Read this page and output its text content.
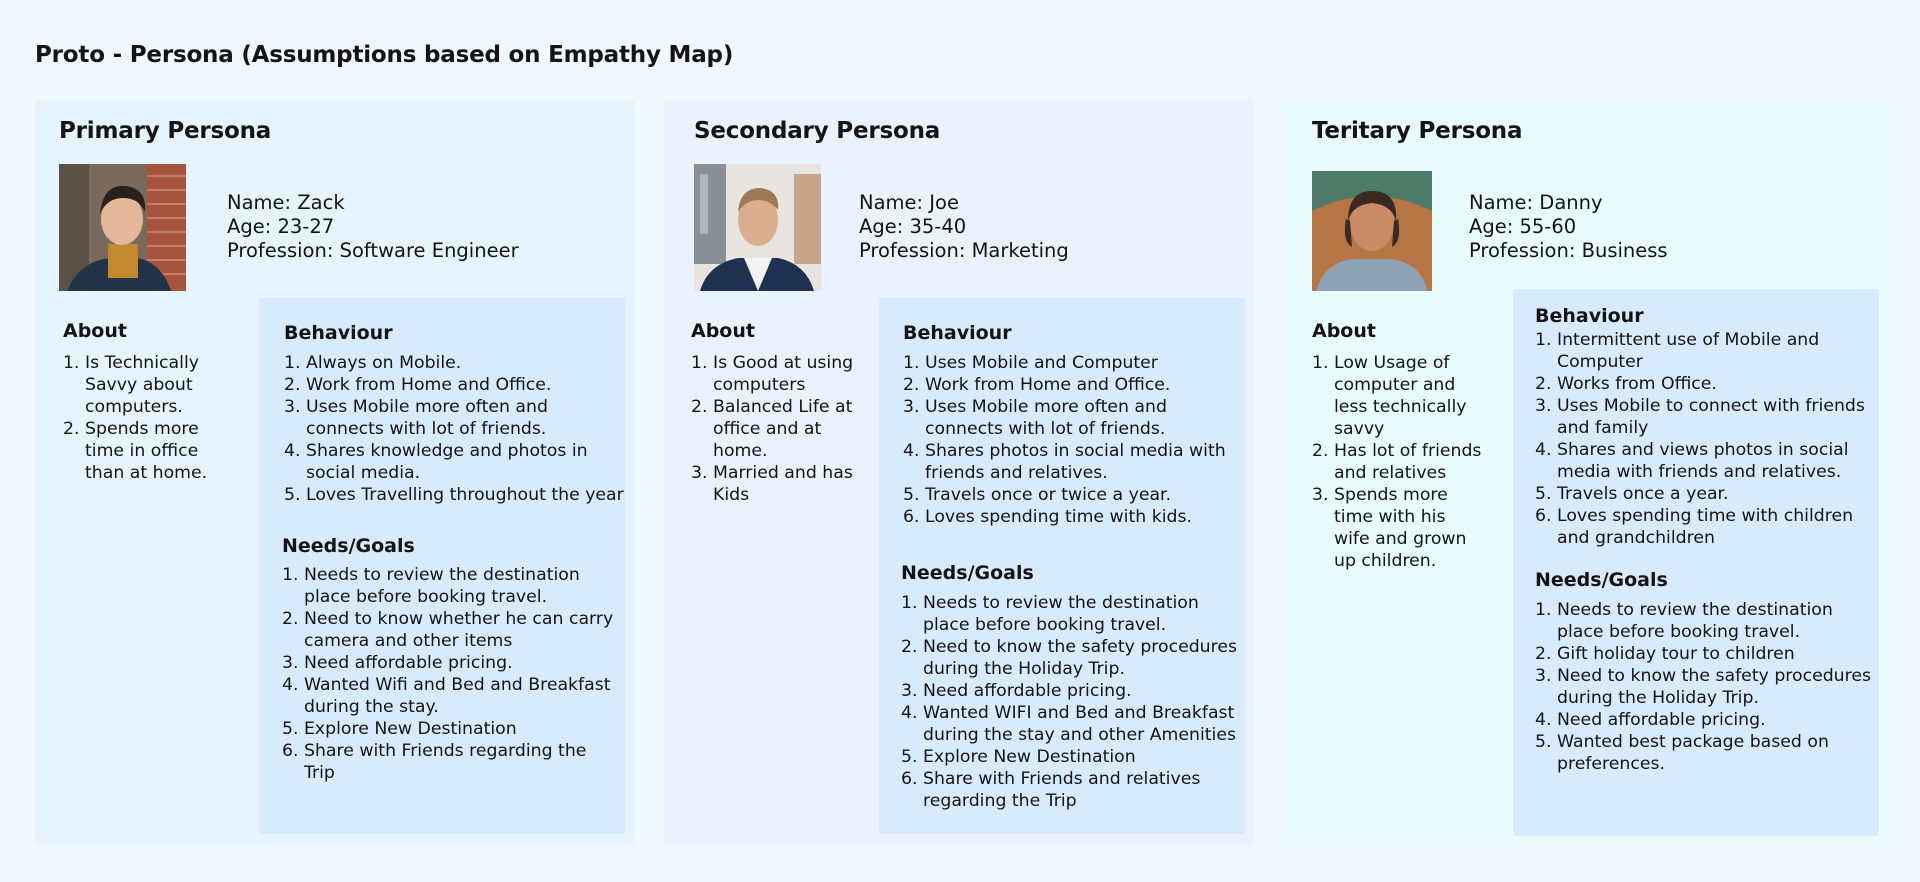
Proto - Persona (Assumptions based on Empathy Map)
Primary Persona
Name: Zack
Age: 23-27
Profession: Software Engineer
About
1. Is Technically Savvy about computers.
2. Spends more time in office than at home.
Behaviour
1. Always on Mobile.
2. Work from Home and Office.
3. Uses Mobile more often and connects with lot of friends.
4. Shares knowledge and photos in social media.
5. Loves Travelling throughout the year
Needs/Goals
1. Needs to review the destination place before booking travel.
2. Need to know whether he can carry camera and other items
3. Need affordable pricing.
4. Wanted Wifi and Bed and Breakfast during the stay.
5. Explore New Destination
6. Share with Friends regarding the Trip
Secondary Persona
Name: Joe
Age: 35-40
Profession: Marketing
About
1. Is Good at using computers
2. Balanced Life at office and at home.
3. Married and has Kids
Behaviour
1. Uses Mobile and Computer
2. Work from Home and Office.
3. Uses Mobile more often and connects with lot of friends.
4. Shares photos in social media with friends and relatives.
5. Travels once or twice a year.
6. Loves spending time with kids.
Needs/Goals
1. Needs to review the destination place before booking travel.
2. Need to know the safety procedures during the Holiday Trip.
3. Need affordable pricing.
4. Wanted WIFI and Bed and Breakfast during the stay and other Amenities
5. Explore New Destination
6. Share with Friends and relatives regarding the Trip
Teritary Persona
Name: Danny
Age: 55-60
Profession: Business
About
1. Low Usage of computer and less technically savvy
2. Has lot of friends and relatives
3. Spends more time with his wife and grown up children.
Behaviour
1. Intermittent use of Mobile and Computer
2. Works from Office.
3. Uses Mobile to connect with friends and family
4. Shares and views photos in social media with friends and relatives.
5. Travels once a year.
6. Loves spending time with children and grandchildren
Needs/Goals
1. Needs to review the destination place before booking travel.
2. Gift holiday tour to children
3. Need to know the safety procedures during the Holiday Trip.
4. Need affordable pricing.
5. Wanted best package based on preferences.
